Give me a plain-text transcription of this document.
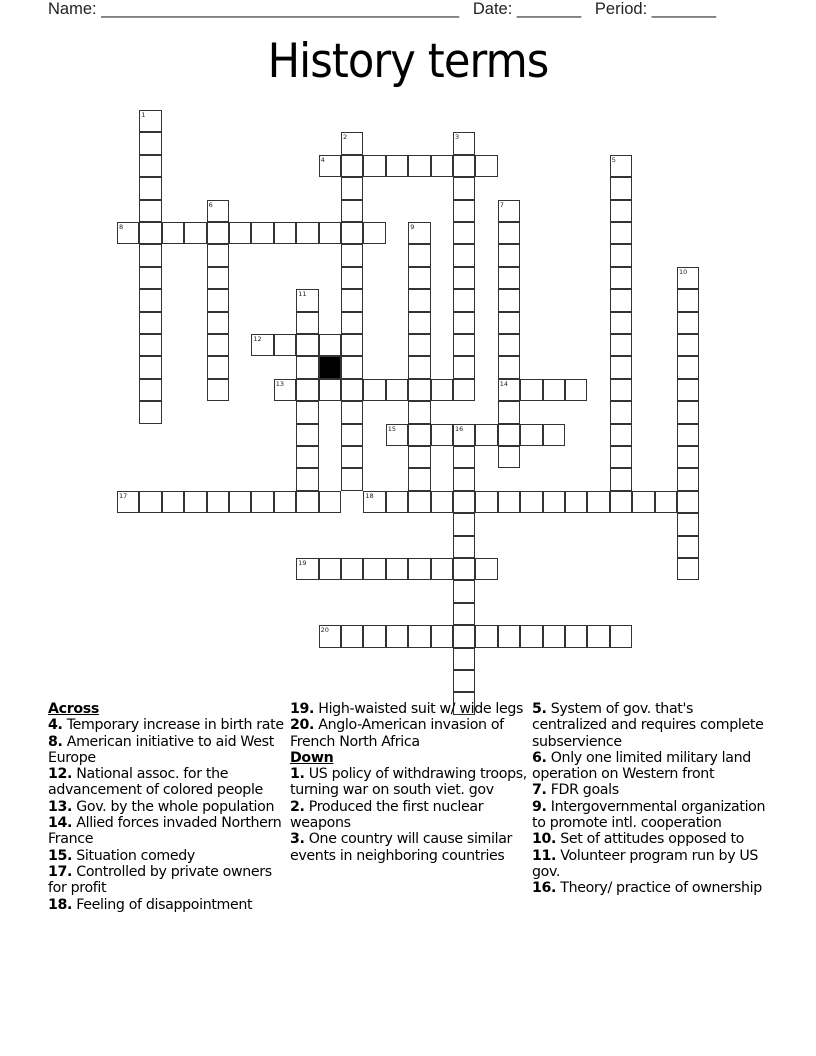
Name: _______________________________________ Date: _______ Period: _______
History terms
1
2	3
4	5
6	7
14
8	9
10
11
12
13
15	16
17	18
19
20
Across
4. Temporary increase in birth rate
8. American initiative to aid West Europe
12. National assoc. for the advancement of colored people
13. Gov. by the whole population
14. Allied forces invaded Northern France
15. Situation comedy
17. Controlled by private owners for profit
18. Feeling of disappointment
19. High-waisted suit w/ wide legs
20. Anglo-American invasion of French North Africa
Down
1. US policy of withdrawing troops, turning war on south viet. gov
2. Produced the first nuclear weapons
3. One country will cause similar events in neighboring countries
5. System of gov. that's centralized and requires complete subservience
6. Only one limited military land operation on Western front
7. FDR goals
9. Intergovernmental organization to promote intl. cooperation
10. Set of attitudes opposed to
11. Volunteer program run by US gov.
16. Theory/ practice of ownership
